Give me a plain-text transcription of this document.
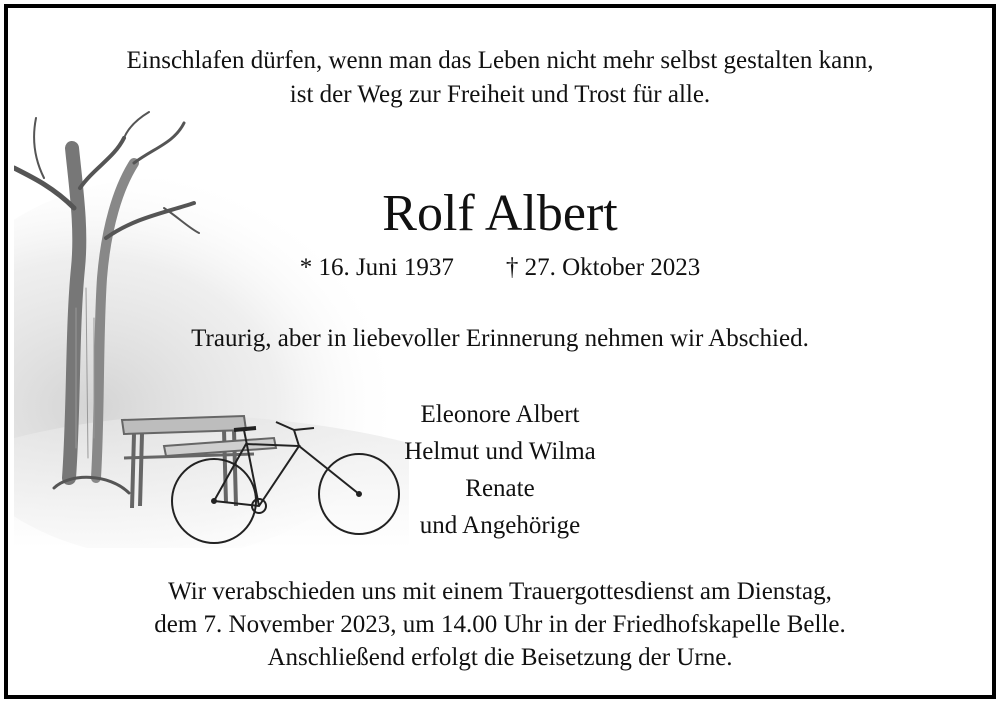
Einschlafen dürfen, wenn man das Leben nicht mehr selbst gestalten kann,
ist der Weg zur Freiheit und Trost für alle.
Rolf Albert
* 16. Juni 1937 † 27. Oktober 2023
Traurig, aber in liebevoller Erinnerung nehmen wir Abschied.
Eleonore Albert
Helmut und Wilma
Renate
und Angehörige
Wir verabschieden uns mit einem Trauergottesdienst am Dienstag,
dem 7. November 2023, um 14.00 Uhr in der Friedhofskapelle Belle.
Anschließend erfolgt die Beisetzung der Urne.
